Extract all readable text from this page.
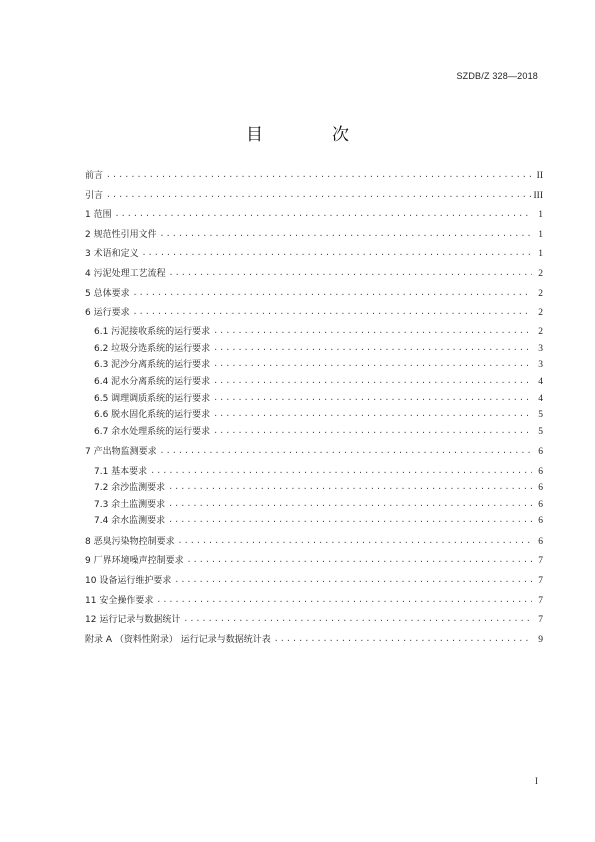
SZDB/Z 328—2018
目　次
前言 .....	II
引言 .....	III
1 范围 .....	1
2 规范性引用文件 .....	1
3 术语和定义 .....	1
4 污泥处理工艺流程 .....	2
5 总体要求 .....	2
6 运行要求 .....	2
6.1 污泥接收系统的运行要求 .....	2
6.2 垃圾分选系统的运行要求 .....	3
6.3 泥沙分离系统的运行要求 .....	3
6.4 泥水分离系统的运行要求 .....	4
6.5 调理调质系统的运行要求 .....	4
6.6 脱水固化系统的运行要求 .....	5
6.7 余水处理系统的运行要求 .....	5
7 产出物监测要求 .....	6
7.1 基本要求 .....	6
7.2 余沙监测要求 .....	6
7.3 余土监测要求 .....	6
7.4 余水监测要求 .....	6
8 恶臭污染物控制要求 .....	6
9 厂界环境噪声控制要求 .....	7
10 设备运行维护要求 .....	7
11 安全操作要求 .....	7
12 运行记录与数据统计 .....	7
附录 A （资料性附录） 运行记录与数据统计表 .....	9
I
